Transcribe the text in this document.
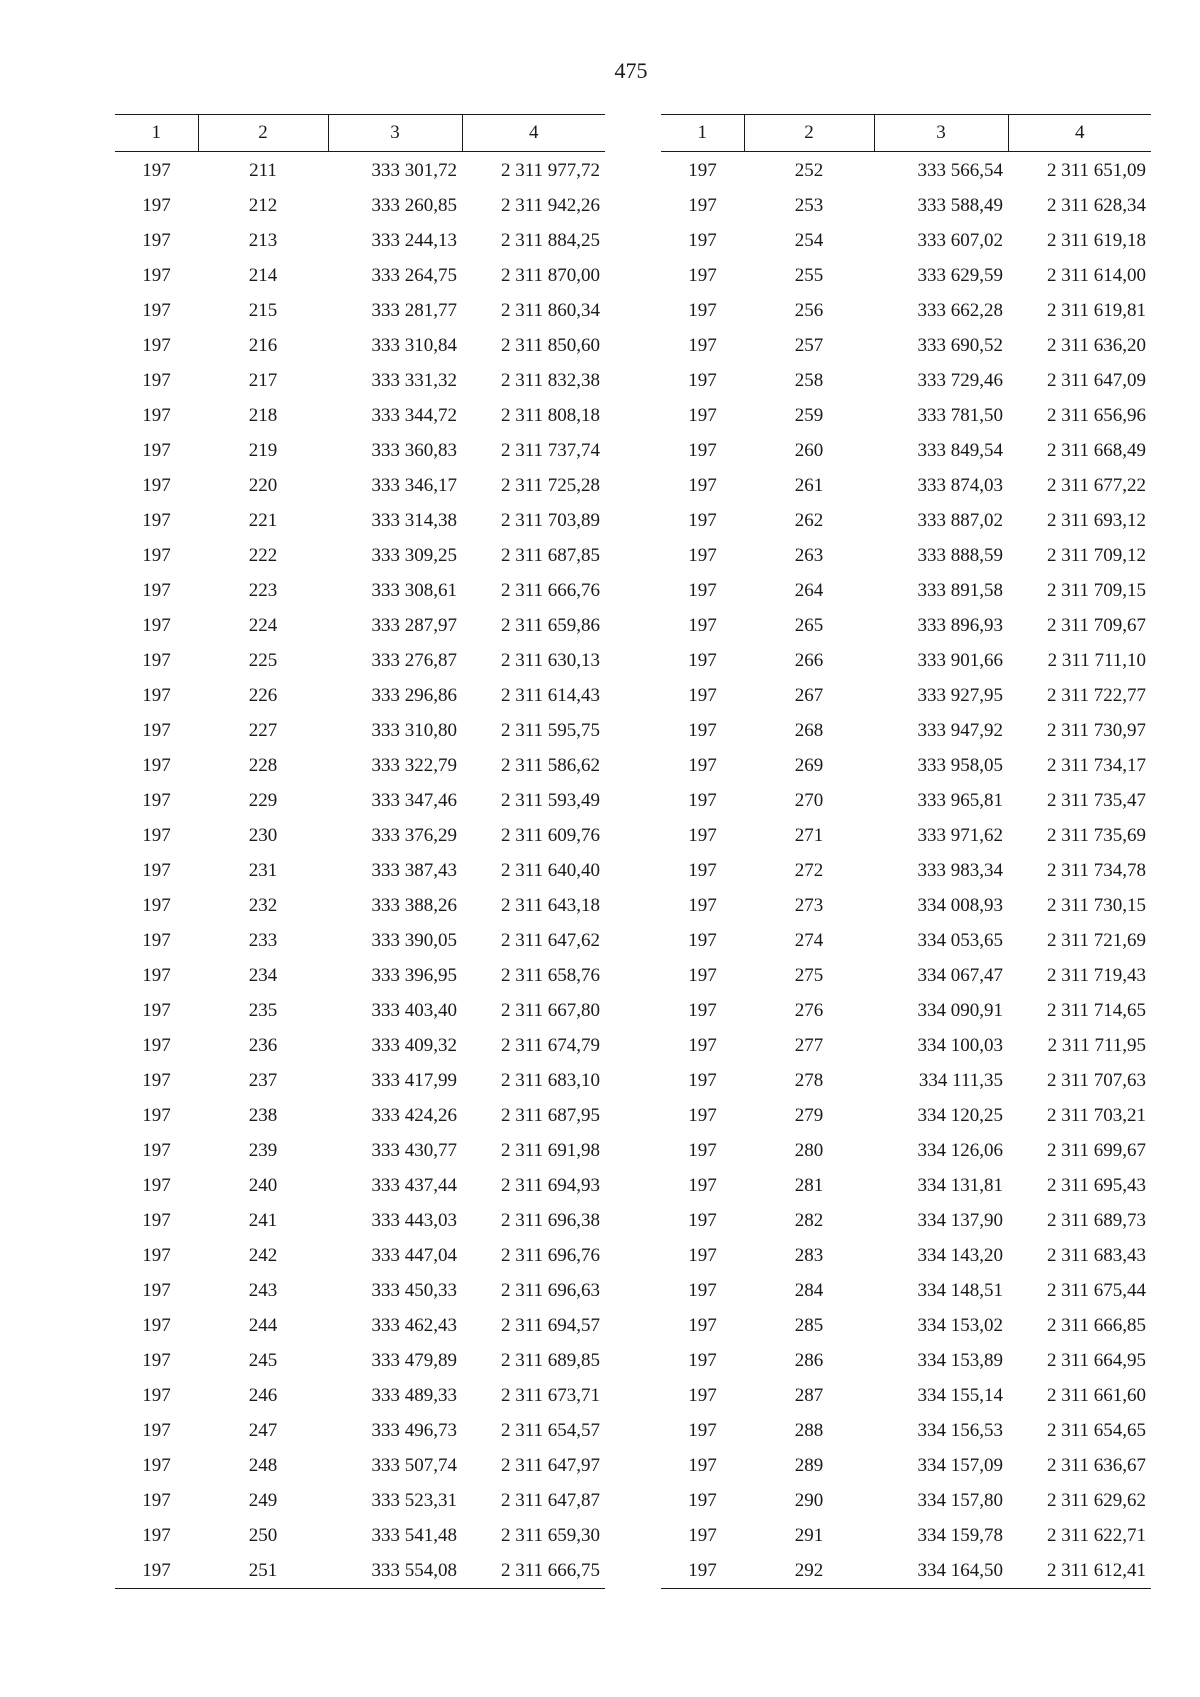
475
1	2	3	4
197	211	333 301,72	2 311 977,72
197	212	333 260,85	2 311 942,26
197	213	333 244,13	2 311 884,25
197	214	333 264,75	2 311 870,00
197	215	333 281,77	2 311 860,34
197	216	333 310,84	2 311 850,60
197	217	333 331,32	2 311 832,38
197	218	333 344,72	2 311 808,18
197	219	333 360,83	2 311 737,74
197	220	333 346,17	2 311 725,28
197	221	333 314,38	2 311 703,89
197	222	333 309,25	2 311 687,85
197	223	333 308,61	2 311 666,76
197	224	333 287,97	2 311 659,86
197	225	333 276,87	2 311 630,13
197	226	333 296,86	2 311 614,43
197	227	333 310,80	2 311 595,75
197	228	333 322,79	2 311 586,62
197	229	333 347,46	2 311 593,49
197	230	333 376,29	2 311 609,76
197	231	333 387,43	2 311 640,40
197	232	333 388,26	2 311 643,18
197	233	333 390,05	2 311 647,62
197	234	333 396,95	2 311 658,76
197	235	333 403,40	2 311 667,80
197	236	333 409,32	2 311 674,79
197	237	333 417,99	2 311 683,10
197	238	333 424,26	2 311 687,95
197	239	333 430,77	2 311 691,98
197	240	333 437,44	2 311 694,93
197	241	333 443,03	2 311 696,38
197	242	333 447,04	2 311 696,76
197	243	333 450,33	2 311 696,63
197	244	333 462,43	2 311 694,57
197	245	333 479,89	2 311 689,85
197	246	333 489,33	2 311 673,71
197	247	333 496,73	2 311 654,57
197	248	333 507,74	2 311 647,97
197	249	333 523,31	2 311 647,87
197	250	333 541,48	2 311 659,30
197	251	333 554,08	2 311 666,75
1	2	3	4
197	252	333 566,54	2 311 651,09
197	253	333 588,49	2 311 628,34
197	254	333 607,02	2 311 619,18
197	255	333 629,59	2 311 614,00
197	256	333 662,28	2 311 619,81
197	257	333 690,52	2 311 636,20
197	258	333 729,46	2 311 647,09
197	259	333 781,50	2 311 656,96
197	260	333 849,54	2 311 668,49
197	261	333 874,03	2 311 677,22
197	262	333 887,02	2 311 693,12
197	263	333 888,59	2 311 709,12
197	264	333 891,58	2 311 709,15
197	265	333 896,93	2 311 709,67
197	266	333 901,66	2 311 711,10
197	267	333 927,95	2 311 722,77
197	268	333 947,92	2 311 730,97
197	269	333 958,05	2 311 734,17
197	270	333 965,81	2 311 735,47
197	271	333 971,62	2 311 735,69
197	272	333 983,34	2 311 734,78
197	273	334 008,93	2 311 730,15
197	274	334 053,65	2 311 721,69
197	275	334 067,47	2 311 719,43
197	276	334 090,91	2 311 714,65
197	277	334 100,03	2 311 711,95
197	278	334 111,35	2 311 707,63
197	279	334 120,25	2 311 703,21
197	280	334 126,06	2 311 699,67
197	281	334 131,81	2 311 695,43
197	282	334 137,90	2 311 689,73
197	283	334 143,20	2 311 683,43
197	284	334 148,51	2 311 675,44
197	285	334 153,02	2 311 666,85
197	286	334 153,89	2 311 664,95
197	287	334 155,14	2 311 661,60
197	288	334 156,53	2 311 654,65
197	289	334 157,09	2 311 636,67
197	290	334 157,80	2 311 629,62
197	291	334 159,78	2 311 622,71
197	292	334 164,50	2 311 612,41
